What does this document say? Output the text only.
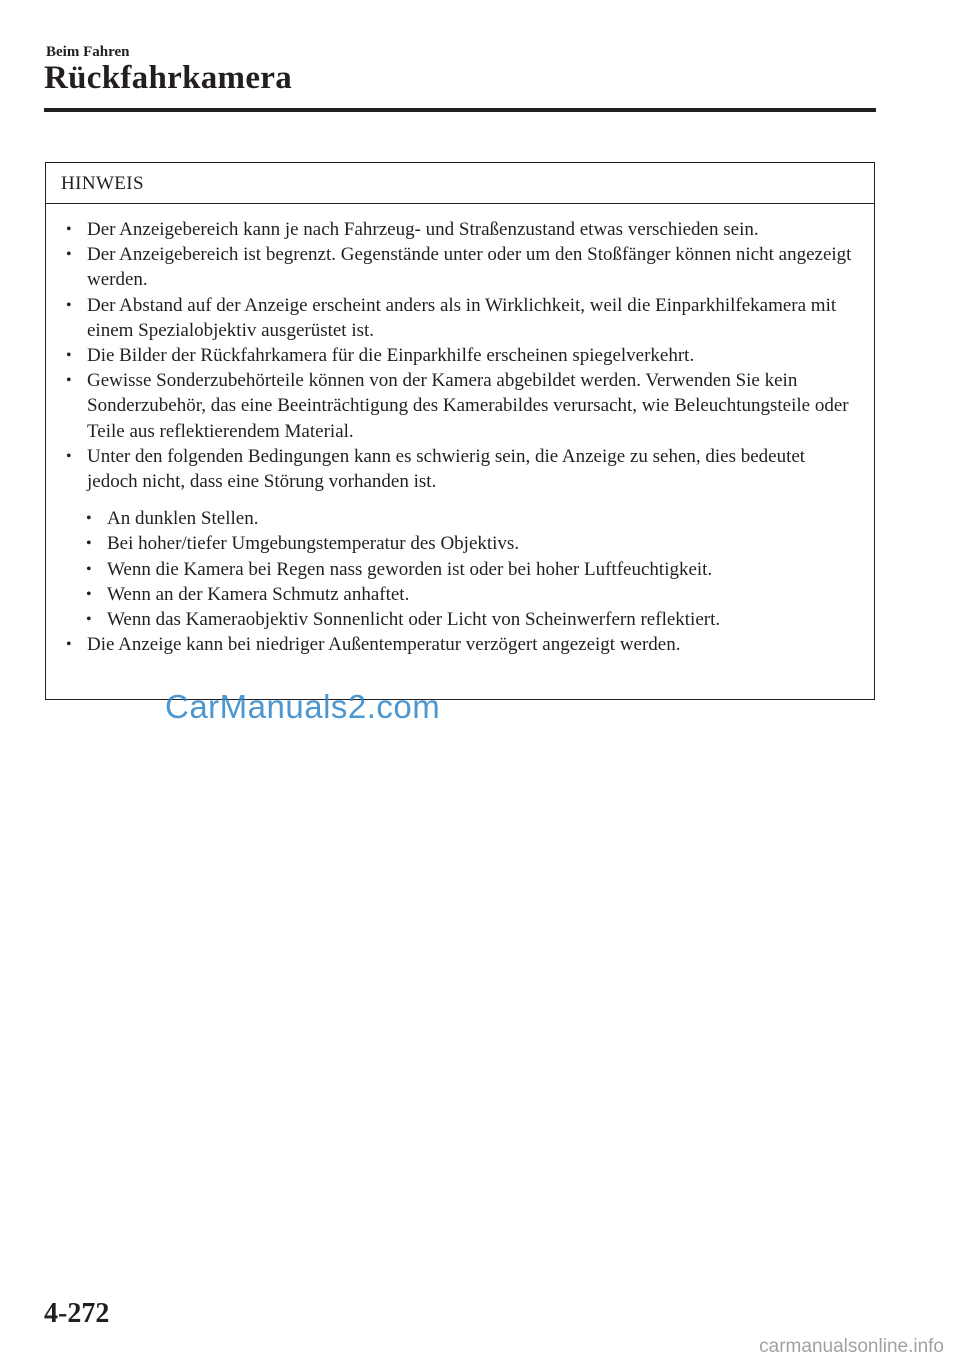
Beim Fahren
Rückfahrkamera
HINWEIS

• Der Anzeigebereich kann je nach Fahrzeug- und Straßenzustand etwas verschieden sein.

• Der Anzeigebereich ist begrenzt. Gegenstände unter oder um den Stoßfänger können nicht angezeigt werden.

• Der Abstand auf der Anzeige erscheint anders als in Wirklichkeit, weil die Einparkhilfekamera mit einem Spezialobjektiv ausgerüstet ist.

• Die Bilder der Rückfahrkamera für die Einparkhilfe erscheinen spiegelverkehrt.

• Gewisse Sonderzubehörteile können von der Kamera abgebildet werden. Verwenden Sie kein Sonderzubehör, das eine Beeinträchtigung des Kamerabildes verursacht, wie Beleuchtungsteile oder Teile aus reflektierendem Material.

• Unter den folgenden Bedingungen kann es schwierig sein, die Anzeige zu sehen, dies bedeutet jedoch nicht, dass eine Störung vorhanden ist.

• An dunklen Stellen.

• Bei hoher/tiefer Umgebungstemperatur des Objektivs.

• Wenn die Kamera bei Regen nass geworden ist oder bei hoher Luftfeuchtigkeit.

• Wenn an der Kamera Schmutz anhaftet.

• Wenn das Kameraobjektiv Sonnenlicht oder Licht von Scheinwerfern reflektiert.

• Die Anzeige kann bei niedriger Außentemperatur verzögert angezeigt werden.

CarManuals2.com
4-272
carmanualsonline.info
